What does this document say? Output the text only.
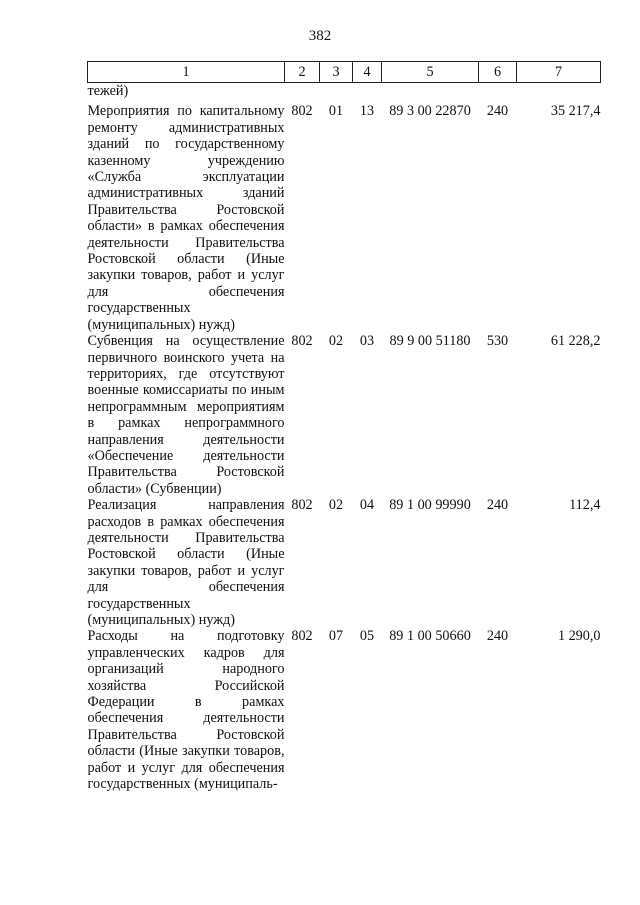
382
1	2	3	4	5	6	7
тежей)						
Мероприятия по капитальному ремонту административных зданий по государственному казенному учреждению «Служба эксплуатации административных зданий Правительства Ростовской области» в рамках обеспечения деятельности Правительства Ростовской области (Иные закупки товаров, работ и услуг для обеспечения государственных (муниципальных) нужд)	802	01	13	89 3 00 22870	240	35 217,4
Субвенция на осуществление первичного воинского учета на территориях, где отсутствуют военные комиссариаты по иным непрограммным мероприятиям в рамках непрограммного направления деятельности «Обеспечение деятельности Правительства Ростовской области» (Субвенции)	802	02	03	89 9 00 51180	530	61 228,2
Реализация направления расходов в рамках обеспечения деятельности Правительства Ростовской области (Иные закупки товаров, работ и услуг для обеспечения государственных (муниципальных) нужд)	802	02	04	89 1 00 99990	240	112,4
Расходы на подготовку управленческих кадров для организаций народного хозяйства Российской Федерации в рамках обеспечения деятельности Правительства Ростовской области (Иные закупки товаров, работ и услуг для обеспечения государственных (муниципаль-	802	07	05	89 1 00 50660	240	1 290,0
